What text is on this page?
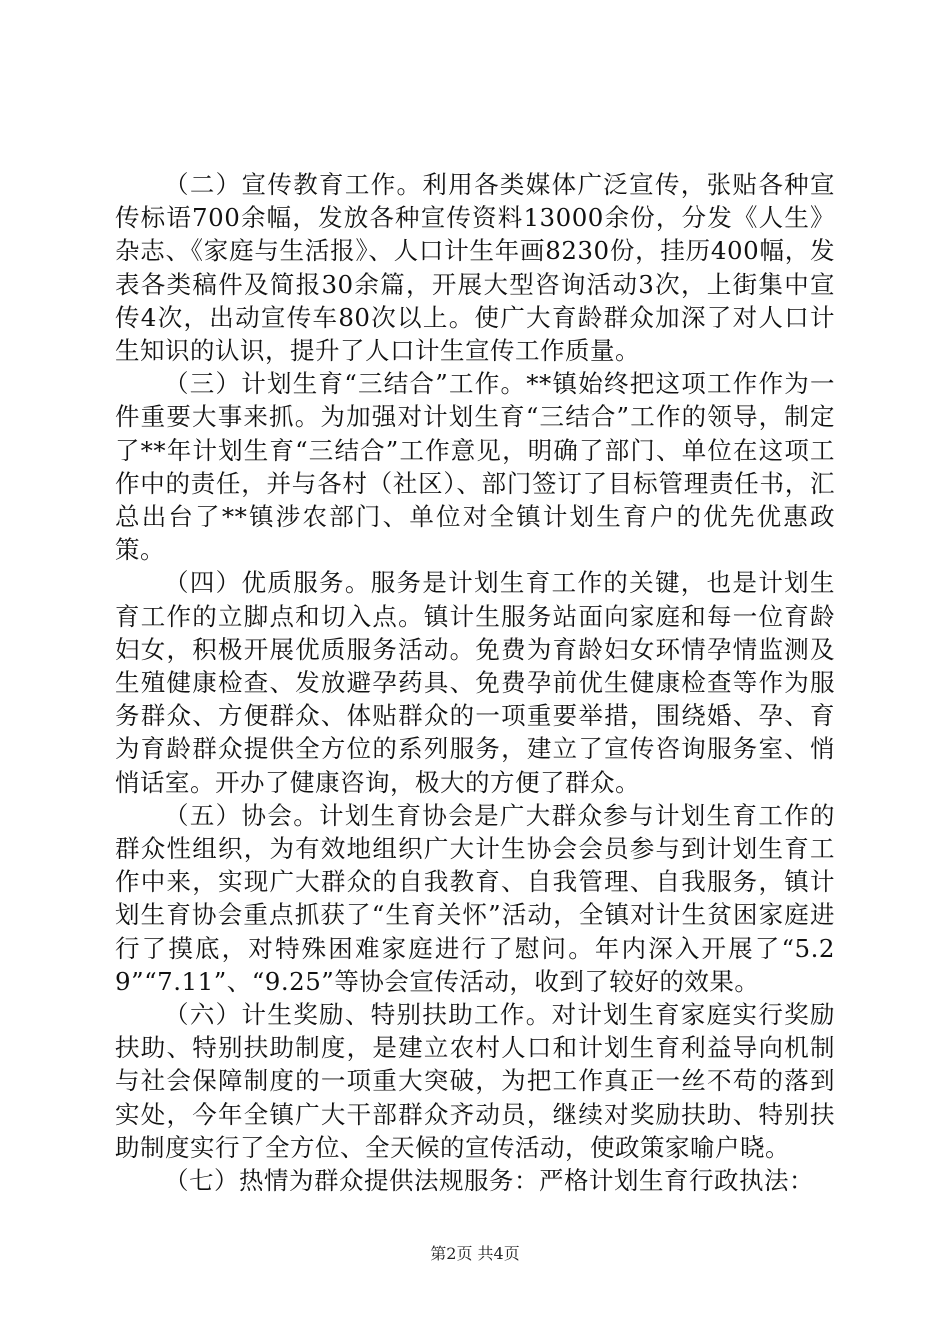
（二）宣传教育工作。利用各类媒体广泛宣传，张贴各种宣传标语700余幅，发放各种宣传资料13000余份，分发《人生》杂志、《家庭与生活报》、人口计生年画8230份，挂历400幅，发表各类稿件及简报30余篇，开展大型咨询活动3次，上街集中宣传4次，出动宣传车80次以上。使广大育龄群众加深了对人口计生知识的认识，提升了人口计生宣传工作质量。

（三）计划生育“三结合”工作。**镇始终把这项工作作为一件重要大事来抓。为加强对计划生育“三结合”工作的领导，制定了**年计划生育“三结合”工作意见，明确了部门、单位在这项工作中的责任，并与各村（社区）、部门签订了目标管理责任书，汇总出台了**镇涉农部门、单位对全镇计划生育户的优先优惠政策。

（四）优质服务。服务是计划生育工作的关键，也是计划生育工作的立脚点和切入点。镇计生服务站面向家庭和每一位育龄妇女，积极开展优质服务活动。免费为育龄妇女环情孕情监测及生殖健康检查、发放避孕药具、免费孕前优生健康检查等作为服务群众、方便群众、体贴群众的一项重要举措，围绕婚、孕、育为育龄群众提供全方位的系列服务，建立了宣传咨询服务室、悄悄话室。开办了健康咨询，极大的方便了群众。

（五）协会。计划生育协会是广大群众参与计划生育工作的群众性组织，为有效地组织广大计生协会会员参与到计划生育工作中来，实现广大群众的自我教育、自我管理、自我服务，镇计划生育协会重点抓获了“生育关怀”活动，全镇对计生贫困家庭进行了摸底，对特殊困难家庭进行了慰问。年内深入开展了“5.29”“7.11”、“9.25”等协会宣传活动，收到了较好的效果。

（六）计生奖励、特别扶助工作。对计划生育家庭实行奖励扶助、特别扶助制度，是建立农村人口和计划生育利益导向机制与社会保障制度的一项重大突破，为把工作真正一丝不苟的落到实处，今年全镇广大干部群众齐动员，继续对奖励扶助、特别扶助制度实行了全方位、全天候的宣传活动，使政策家喻户晓。

（七）热情为群众提供法规服务：严格计划生育行政执法：

第2页 共4页
